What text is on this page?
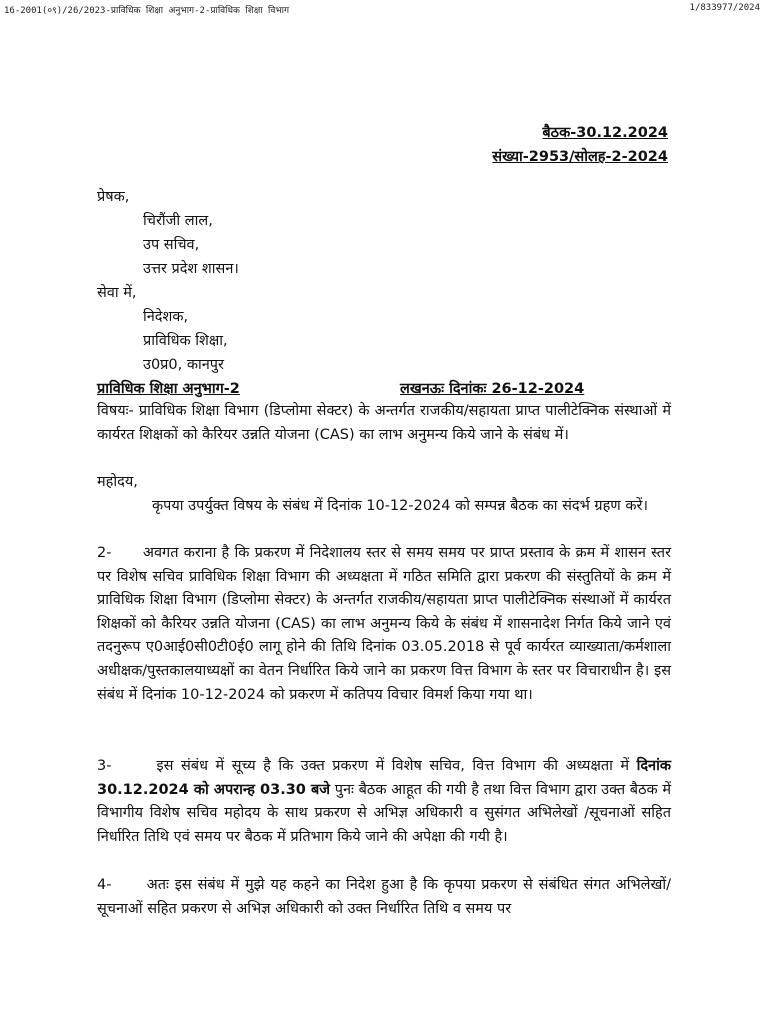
16-2001(०९)/26/2023-प्राविधिक शिक्षा अनुभाग-2-प्राविधिक शिक्षा विभाग	1/833977/2024
बैठक-30.12.2024
संख्या-2953/सोलह-2-2024
प्रेषक,
चिरौंजी लाल,
उप सचिव,
उत्तर प्रदेश शासन।
सेवा में,
निदेशक,
प्राविधिक शिक्षा,
उ0प्र0, कानपुर
प्राविधिक शिक्षा अनुभाग-2	लखनऊः दिनांकः 26-12-2024
विषयः- प्राविधिक शिक्षा विभाग (डिप्लोमा सेक्टर) के अन्तर्गत राजकीय/सहायता प्राप्त पालीटेक्निक संस्थाओं में कार्यरत शिक्षकों को कैरियर उन्नति योजना (CAS) का लाभ अनुमन्य किये जाने के संबंध में।
महोदय,
कृपया उपर्युक्त विषय के संबंध में दिनांक 10-12-2024 को सम्पन्न बैठक का संदर्भ ग्रहण करें।
2-      अवगत कराना है कि प्रकरण में निदेशालय स्तर से समय समय पर प्राप्त प्रस्ताव के क्रम में शासन स्तर पर विशेष सचिव प्राविधिक शिक्षा विभाग की अध्यक्षता में गठित समिति द्वारा प्रकरण की संस्तुतियों के क्रम में प्राविधिक शिक्षा विभाग (डिप्लोमा सेक्टर) के अन्तर्गत राजकीय/सहायता प्राप्त पालीटेक्निक संस्थाओं में कार्यरत शिक्षकों को कैरियर उन्नति योजना (CAS) का लाभ अनुमन्य किये के संबंध में शासनादेश निर्गत किये जाने एवं तदनुरूप ए0आई0सी0टी0ई0 लागू होने की तिथि दिनांक 03.05.2018 से पूर्व कार्यरत व्याख्याता/कर्मशाला अधीक्षक/पुस्तकालयाध्यक्षों का वेतन निर्धारित किये जाने का प्रकरण वित्त विभाग के स्तर पर विचाराधीन है। इस संबंध में दिनांक 10-12-2024 को प्रकरण में कतिपय विचार विमर्श किया गया था।
3-      इस संबंध में सूच्य है कि उक्त प्रकरण में विशेष सचिव, वित्त विभाग की अध्यक्षता में दिनांक 30.12.2024 को अपरान्ह 03.30 बजे पुनः बैठक आहूत की गयी है तथा वित्त विभाग द्वारा उक्त बैठक में विभागीय विशेष सचिव महोदय के साथ प्रकरण से अभिज्ञ अधिकारी व सुसंगत अभिलेखों /सूचनाओं सहित निर्धारित तिथि एवं समय पर बैठक में प्रतिभाग किये जाने की अपेक्षा की गयी है।
4-      अतः इस संबंध में मुझे यह कहने का निदेश हुआ है कि कृपया प्रकरण से संबंधित संगत अभिलेखों/सूचनाओं सहित प्रकरण से अभिज्ञ अधिकारी को उक्त निर्धारित तिथि व समय पर
